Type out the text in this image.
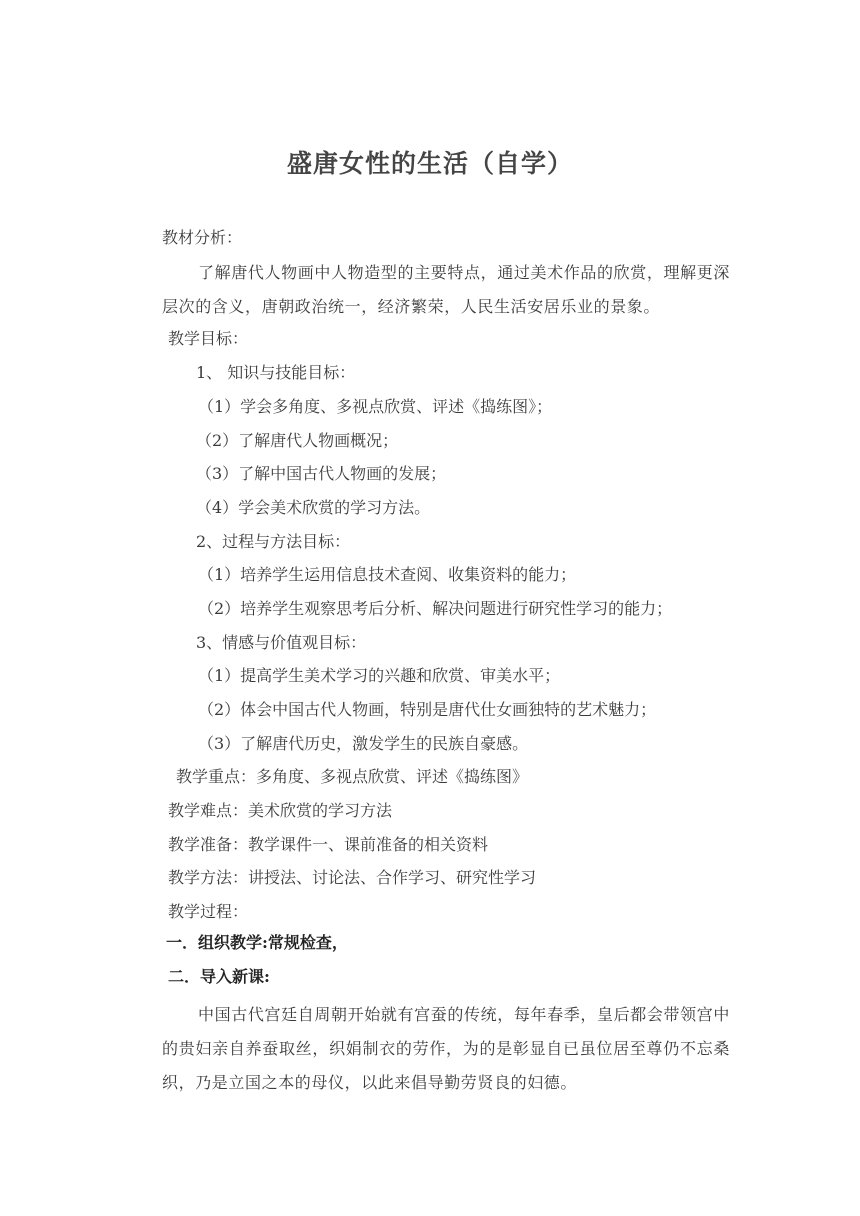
盛唐女性的生活（自学）
教材分析：
了解唐代人物画中人物造型的主要特点，通过美术作品的欣赏，理解更深层次的含义，唐朝政治统一，经济繁荣，人民生活安居乐业的景象。
教学目标：
1、 知识与技能目标：
（1）学会多角度、多视点欣赏、评述《捣练图》；
（2）了解唐代人物画概况；
（3）了解中国古代人物画的发展；
（4）学会美术欣赏的学习方法。
2、过程与方法目标：
（1）培养学生运用信息技术查阅、收集资料的能力；
（2）培养学生观察思考后分析、解决问题进行研究性学习的能力；
3、情感与价值观目标：
（1）提高学生美术学习的兴趣和欣赏、审美水平；
（2）体会中国古代人物画，特别是唐代仕女画独特的艺术魅力；
（3）了解唐代历史，激发学生的民族自豪感。
教学重点：多角度、多视点欣赏、评述《捣练图》
教学难点：美术欣赏的学习方法
教学准备：教学课件一、课前准备的相关资料
教学方法：讲授法、讨论法、合作学习、研究性学习
教学过程：
一．组织教学:常规检查，
二．导入新课:
中国古代宫廷自周朝开始就有宫蚕的传统，每年春季，皇后都会带领宫中的贵妇亲自养蚕取丝，织娟制衣的劳作，为的是彰显自已虽位居至尊仍不忘桑织，乃是立国之本的母仪，以此来倡导勤劳贤良的妇德。
